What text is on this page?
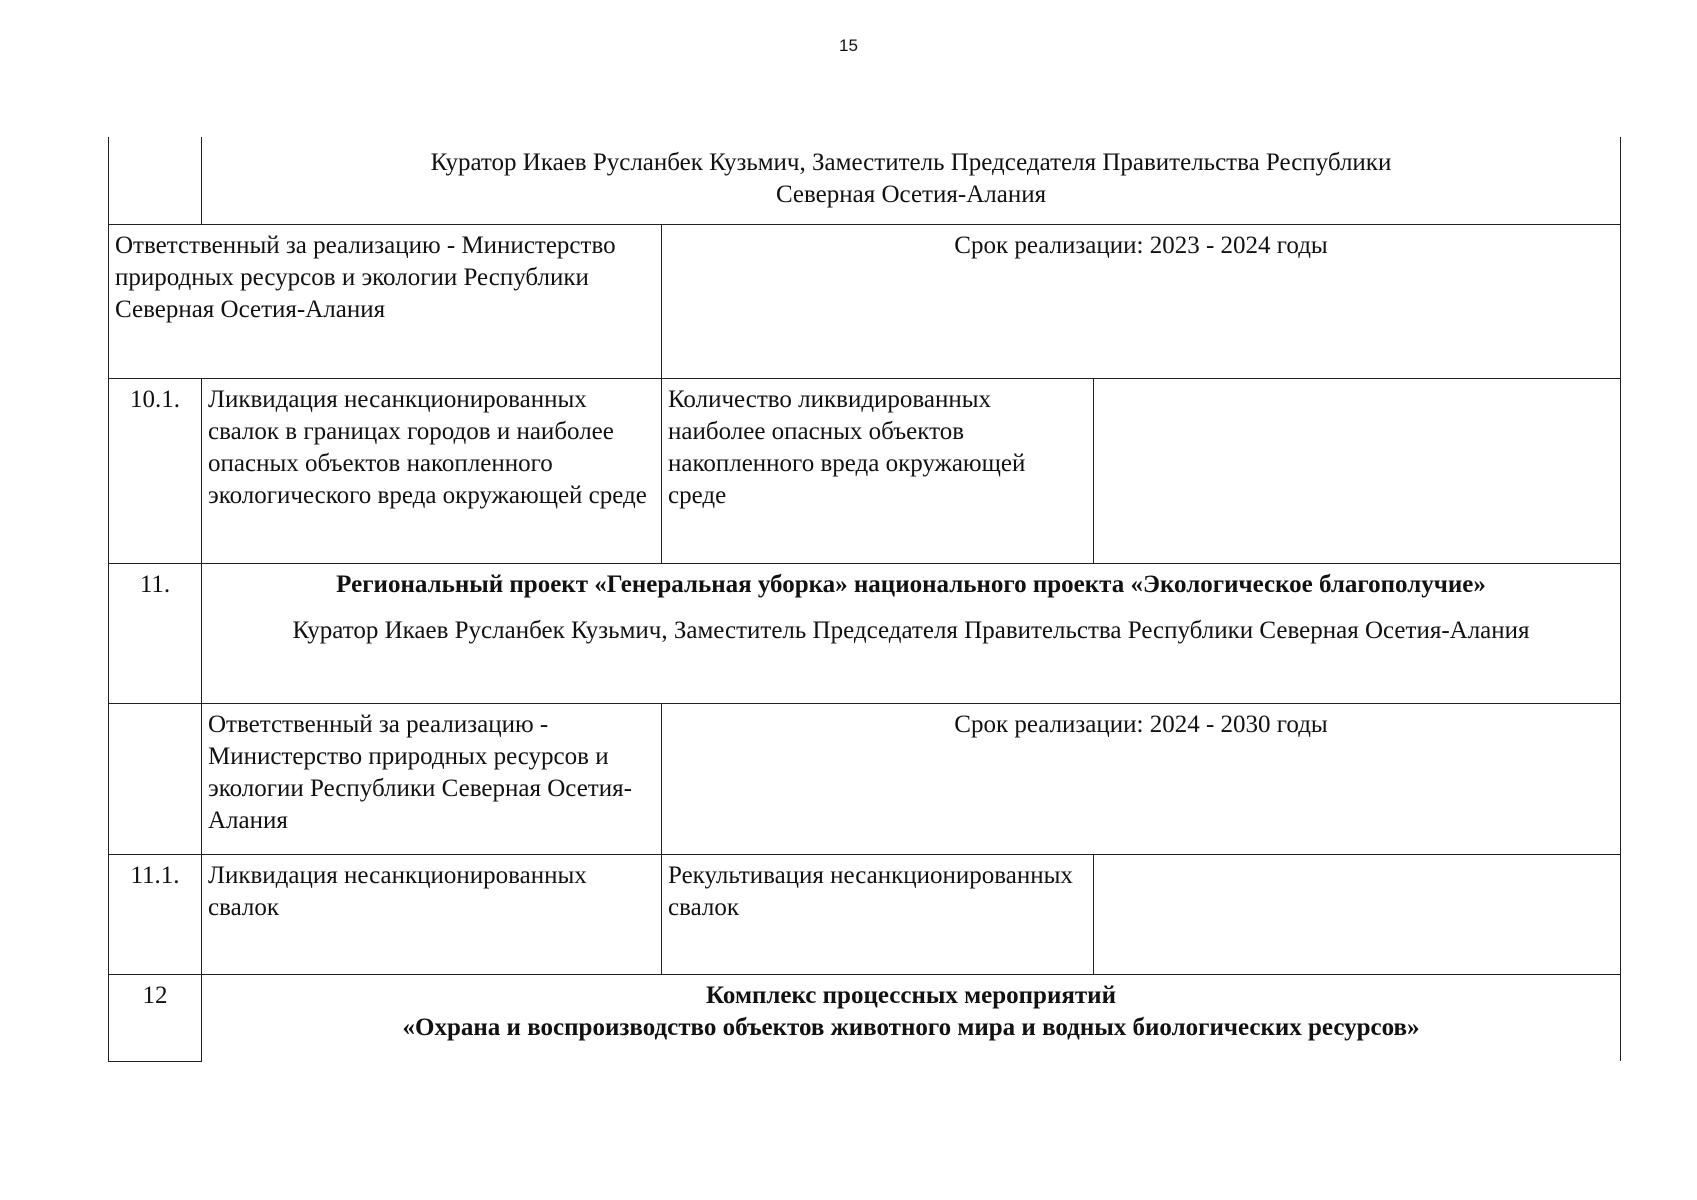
15

	Куратор Икаев Русланбек Кузьмич, Заместитель Председателя Правительства Республики
Северная Осетия-Алания		

Ответственный за реализацию - Министерство природных ресурсов и экологии Республики Северная Осетия-Алания		Срок реализации: 2023 - 2024 годы	
10.1.	Ликвидация несанкционированных свалок в границах городов и наиболее опасных объектов накопленного экологического вреда окружающей среде	Количество ликвидированных наиболее опасных объектов накопленного вреда окружающей среде	
11.	Региональный проект «Генеральная уборка» национального проекта «Экологическое благополучие»
Куратор Икаев Русланбек Кузьмич, Заместитель Председателя Правительства Республики Северная Осетия-Алания		

	Ответственный за реализацию - Министерство природных ресурсов и экологии Республики Северная Осетия-Алания	Срок реализации: 2024 - 2030 годы	
11.1.	Ликвидация несанкционированных свалок	Рекультивация несанкционированных свалок	
12	Комплекс процессных мероприятий
«Охрана и воспроизводство объектов животного мира и водных биологических ресурсов»		
